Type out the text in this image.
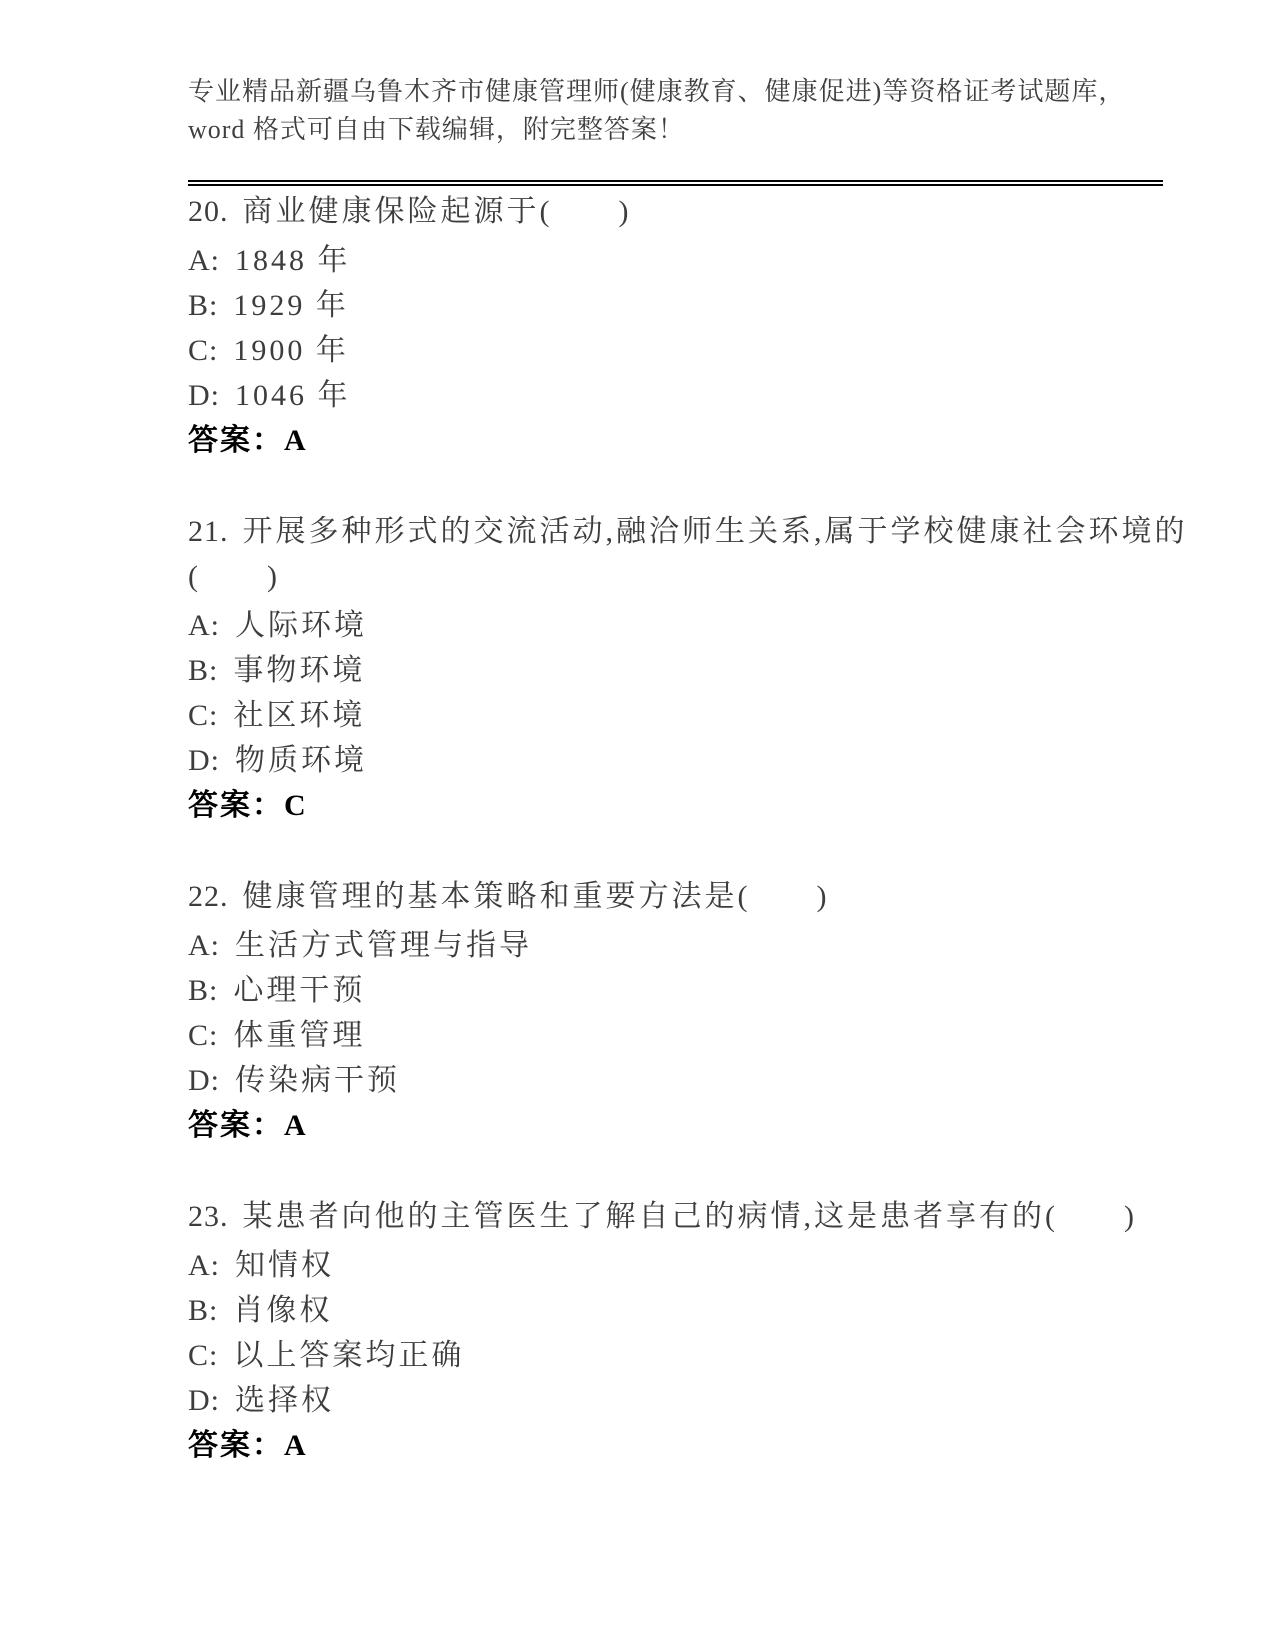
专业精品新疆乌鲁木齐市健康管理师(健康教育、健康促进)等资格证考试题库，
word 格式可自由下载编辑，附完整答案！

20. 商业健康保险起源于(　　)

A: 1848 年
B: 1929 年
C: 1900 年
D: 1046 年
答案：A

21. 开展多种形式的交流活动,融洽师生关系,属于学校健康社会环境的(　　)

A: 人际环境
B: 事物环境
C: 社区环境
D: 物质环境
答案：C

22. 健康管理的基本策略和重要方法是(　　)

A: 生活方式管理与指导
B: 心理干预
C: 体重管理
D: 传染病干预
答案：A

23. 某患者向他的主管医生了解自己的病情,这是患者享有的(　　)

A: 知情权
B: 肖像权
C: 以上答案均正确
D: 选择权
答案：A
